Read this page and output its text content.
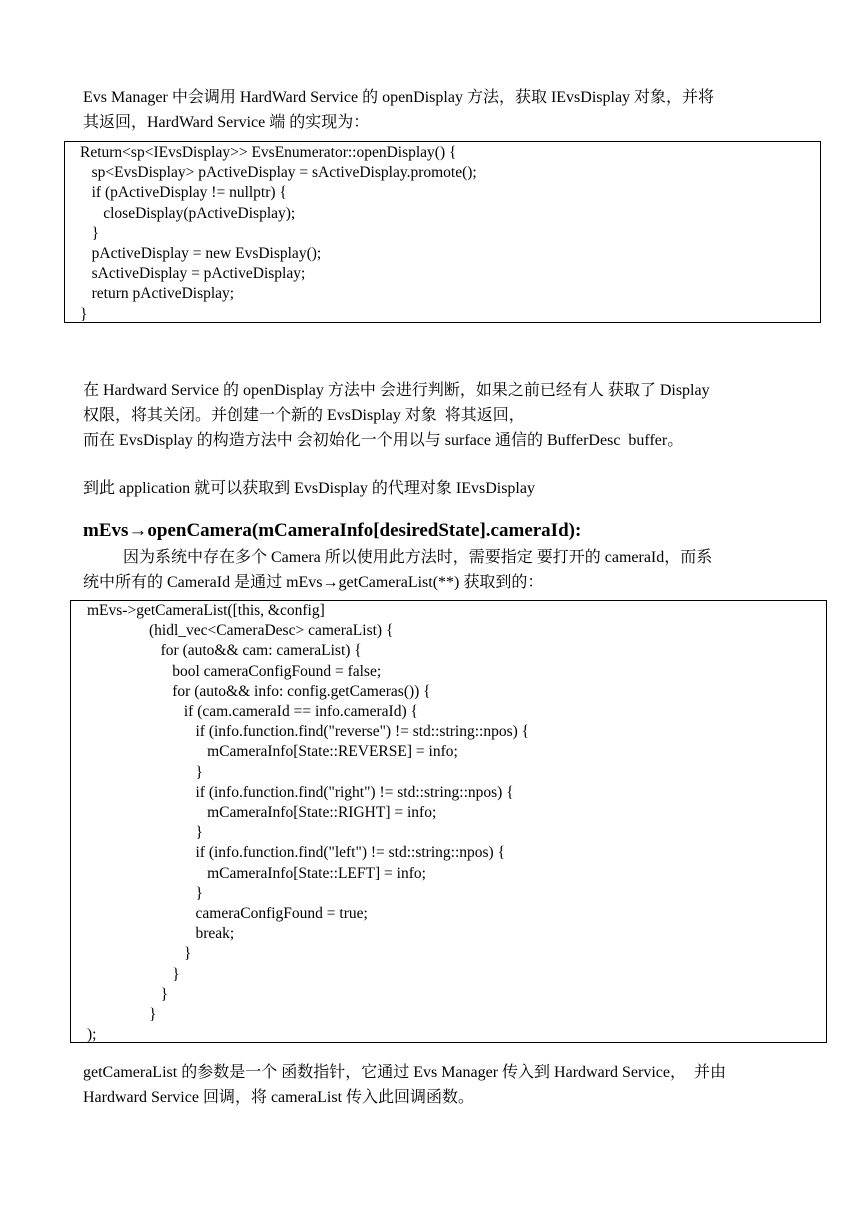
Evs Manager 中会调用 HardWard Service 的 openDisplay 方法，获取 IEvsDisplay 对象，并将
其返回，HardWard Service 端 的实现为：
Return<sp<IEvsDisplay>> EvsEnumerator::openDisplay() {
sp<EvsDisplay> pActiveDisplay = sActiveDisplay.promote();
if (pActiveDisplay != nullptr) {
closeDisplay(pActiveDisplay);
}
pActiveDisplay = new EvsDisplay();
sActiveDisplay = pActiveDisplay;
return pActiveDisplay;
}
在 Hardward Service 的 openDisplay 方法中 会进行判断，如果之前已经有人 获取了 Display
权限，将其关闭。并创建一个新的 EvsDisplay 对象  将其返回，
而在 EvsDisplay 的构造方法中 会初始化一个用以与 surface 通信的 BufferDesc  buffer。
到此 application 就可以获取到 EvsDisplay 的代理对象 IEvsDisplay
mEvs→openCamera(mCameraInfo[desiredState].cameraId):
因为系统中存在多个 Camera 所以使用此方法时，需要指定 要打开的 cameraId，而系
统中所有的 CameraId 是通过 mEvs→getCameraList(**) 获取到的：
mEvs->getCameraList([this, &config]
(hidl_vec<CameraDesc> cameraList) {
for (auto&& cam: cameraList) {
bool cameraConfigFound = false;
for (auto&& info: config.getCameras()) {
if (cam.cameraId == info.cameraId) {
if (info.function.find("reverse") != std::string::npos) {
mCameraInfo[State::REVERSE] = info;
}
if (info.function.find("right") != std::string::npos) {
mCameraInfo[State::RIGHT] = info;
}
if (info.function.find("left") != std::string::npos) {
mCameraInfo[State::LEFT] = info;
}
cameraConfigFound = true;
break;
}
}
}
}
);
getCameraList 的参数是一个 函数指针，它通过 Evs Manager 传入到 Hardward Service，  并由
Hardward Service 回调，将 cameraList 传入此回调函数。
